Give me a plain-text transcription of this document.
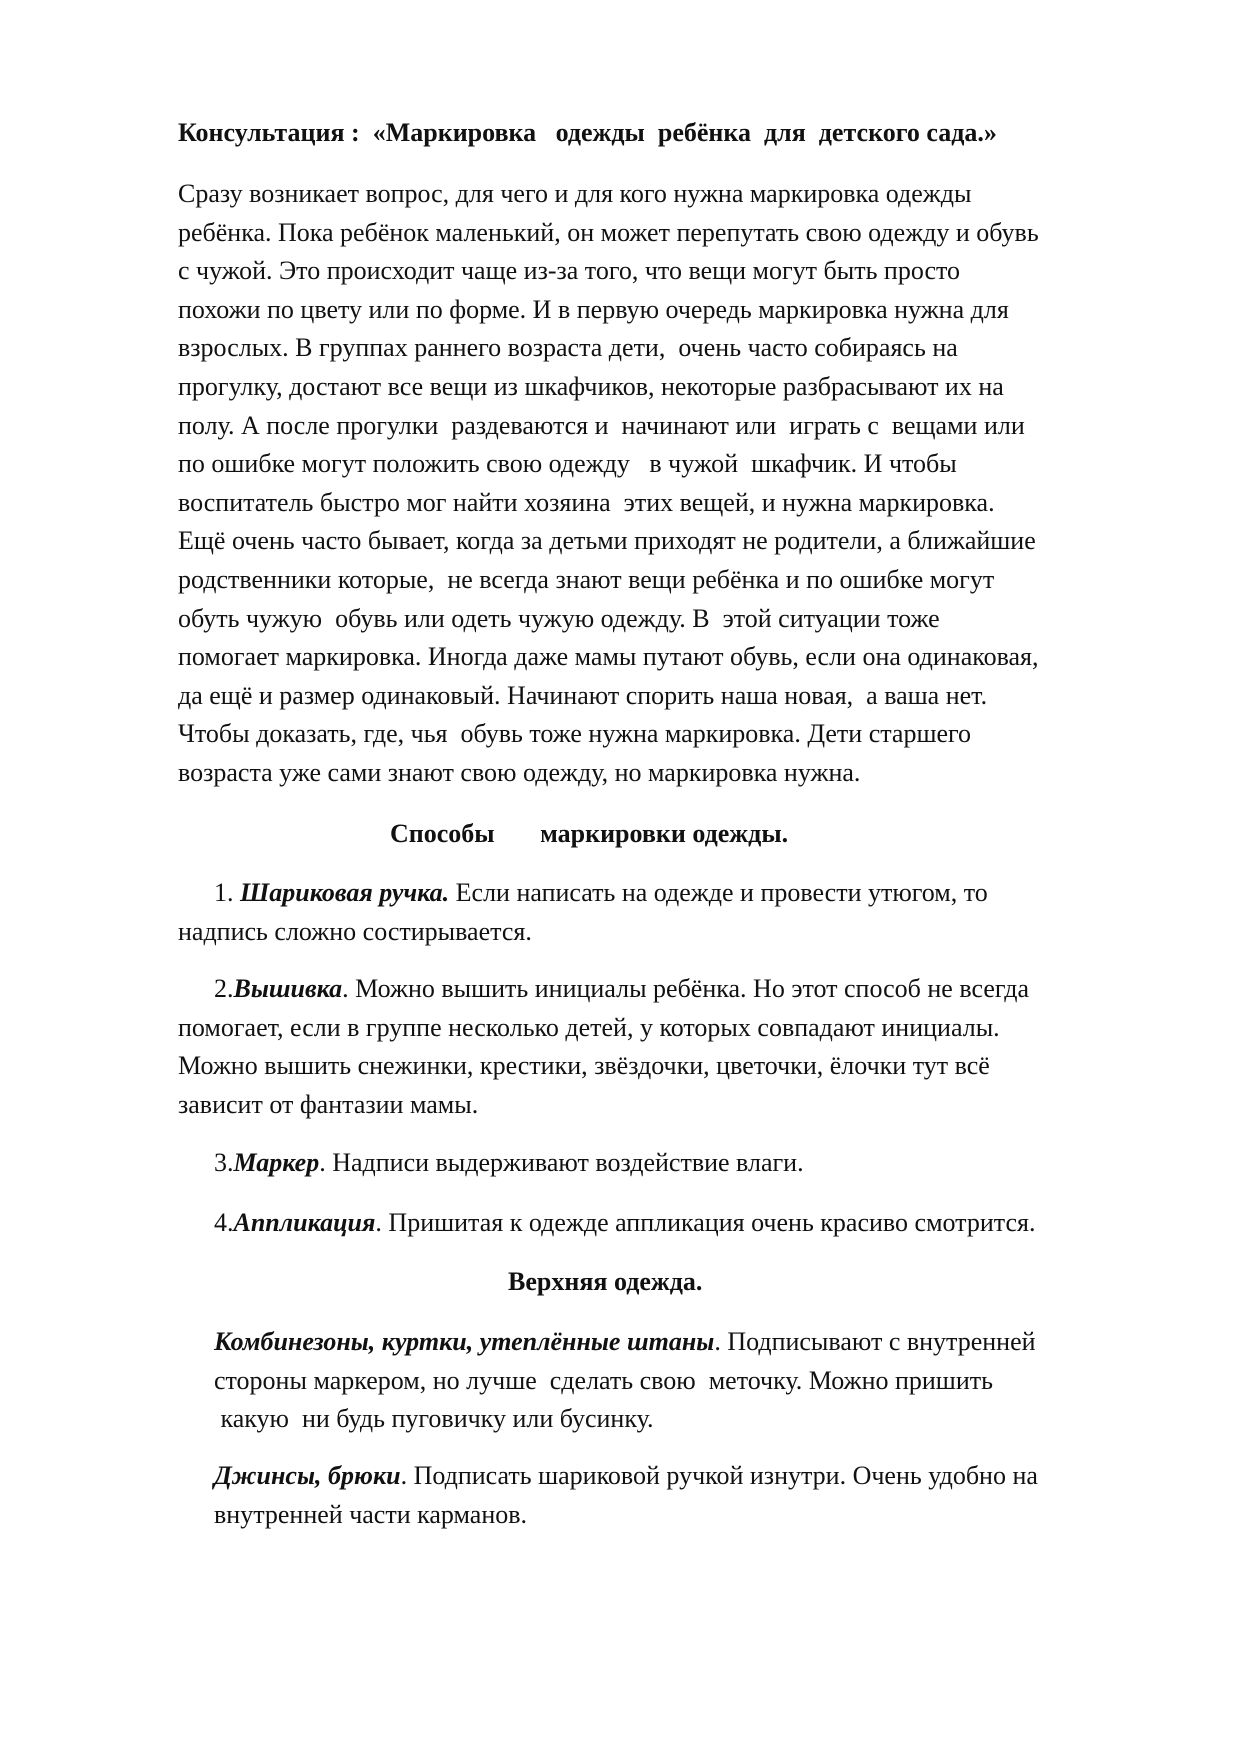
Консультация :  «Маркировка   одежды  ребёнка  для  детского сада.»
Сразу возникает вопрос, для чего и для кого нужна маркировка одежды
ребёнка. Пока ребёнок маленький, он может перепутать свою одежду и обувь
с чужой. Это происходит чаще из-за того, что вещи могут быть просто
похожи по цвету или по форме. И в первую очередь маркировка нужна для
взрослых. В группах раннего возраста дети,  очень часто собираясь на
прогулку, достают все вещи из шкафчиков, некоторые разбрасывают их на
полу. А после прогулки  раздеваются и  начинают или  играть с  вещами или
по ошибке могут положить свою одежду   в чужой  шкафчик. И чтобы
воспитатель быстро мог найти хозяина  этих вещей, и нужна маркировка.
Ещё очень часто бывает, когда за детьми приходят не родители, а ближайшие
родственники которые,  не всегда знают вещи ребёнка и по ошибке могут
обуть чужую  обувь или одеть чужую одежду. В  этой ситуации тоже
помогает маркировка. Иногда даже мамы путают обувь, если она одинаковая,
да ещё и размер одинаковый. Начинают спорить наша новая,  а ваша нет.
Чтобы доказать, где, чья  обувь тоже нужна маркировка. Дети старшего
возраста уже сами знают свою одежду, но маркировка нужна.
Способы       маркировки одежды.
1. Шариковая ручка. Если написать на одежде и провести утюгом, то
надпись сложно состирывается.
2.Вышивка. Можно вышить инициалы ребёнка. Но этот способ не всегда
помогает, если в группе несколько детей, у которых совпадают инициалы.
Можно вышить снежинки, крестики, звёздочки, цветочки, ёлочки тут всё
зависит от фантазии мамы.
3.Маркер. Надписи выдерживают воздействие влаги.
4.Аппликация. Пришитая к одежде аппликация очень красиво смотрится.
Верхняя одежда.
Комбинезоны, куртки, утеплённые штаны. Подписывают с внутренней
стороны маркером, но лучше  сделать свою  меточку. Можно пришить
какую  ни будь пуговичку или бусинку.
Джинсы, брюки. Подписать шариковой ручкой изнутри. Очень удобно на
внутренней части карманов.
